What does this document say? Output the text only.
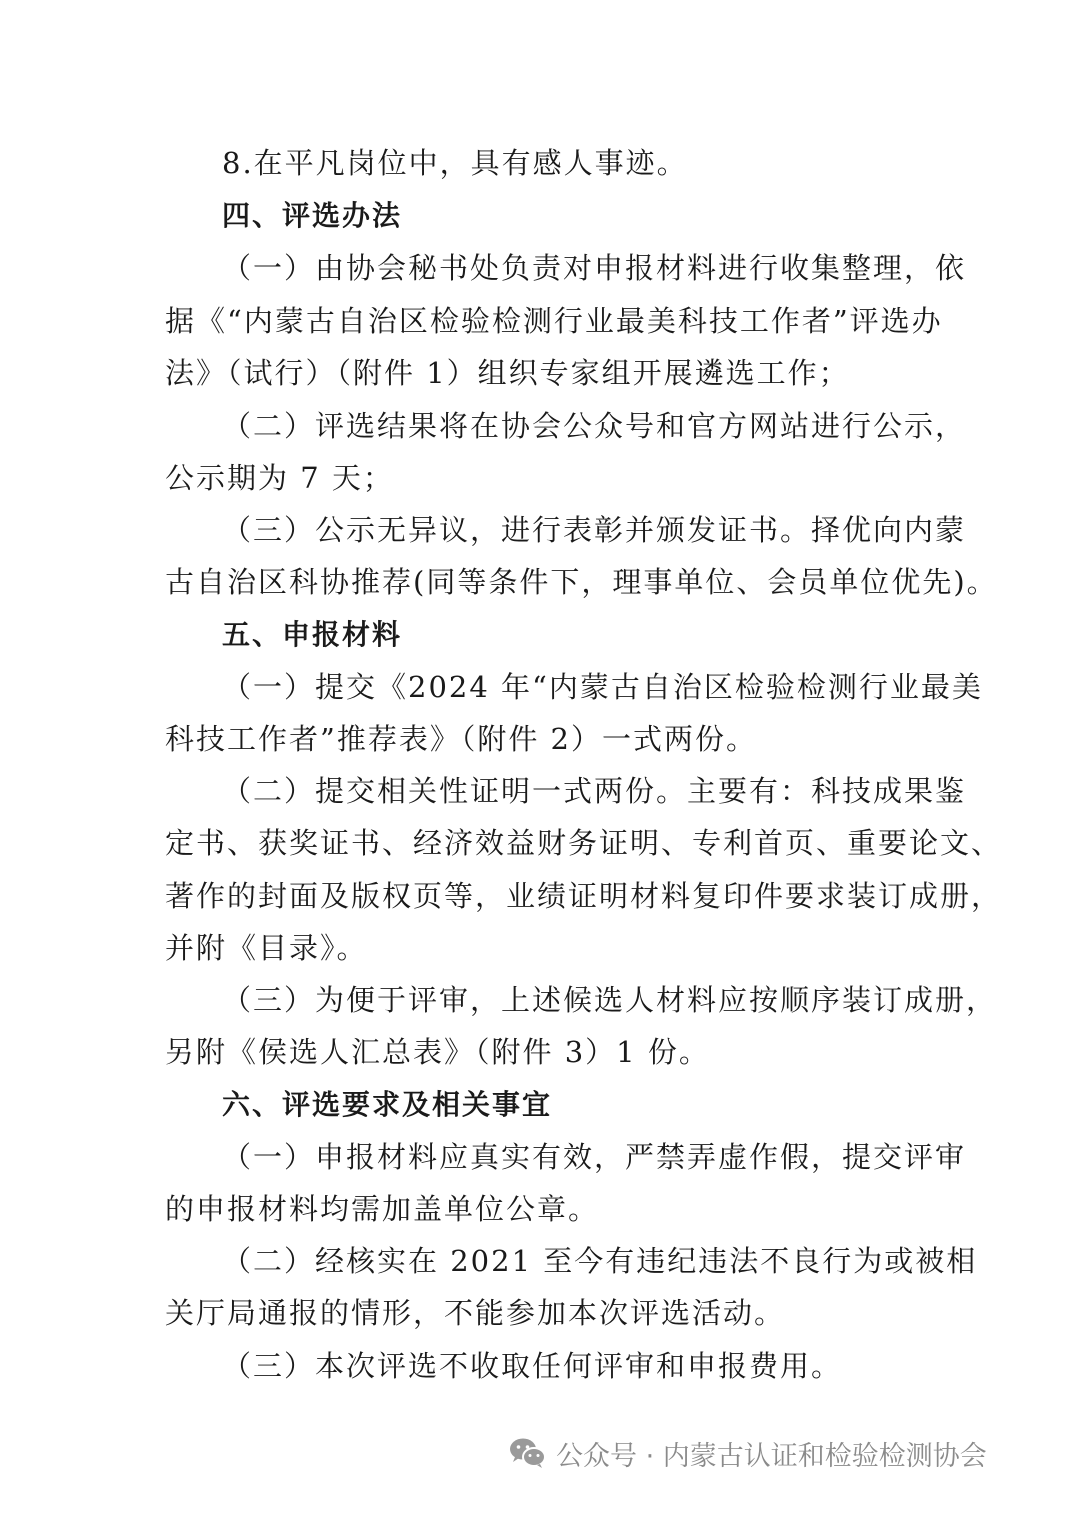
8.在平凡岗位中，具有感人事迹。
四、评选办法
（一）由协会秘书处负责对申报材料进行收集整理，依
据《“内蒙古自治区检验检测行业最美科技工作者”评选办
法》（试行）（附件 1）组织专家组开展遴选工作；
（二）评选结果将在协会公众号和官方网站进行公示，
公示期为 7 天；
（三）公示无异议，进行表彰并颁发证书。择优向内蒙
古自治区科协推荐(同等条件下，理事单位、会员单位优先)。
五、申报材料
（一）提交《2024 年“内蒙古自治区检验检测行业最美
科技工作者”推荐表》（附件 2）一式两份。
（二）提交相关性证明一式两份。主要有：科技成果鉴
定书、获奖证书、经济效益财务证明、专利首页、重要论文、
著作的封面及版权页等，业绩证明材料复印件要求装订成册，
并附《目录》。
（三）为便于评审，上述候选人材料应按顺序装订成册，
另附《侯选人汇总表》（附件 3）1 份。
六、评选要求及相关事宜
（一）申报材料应真实有效，严禁弄虚作假，提交评审
的申报材料均需加盖单位公章。
（二）经核实在 2021 至今有违纪违法不良行为或被相
关厅局通报的情形，不能参加本次评选活动。
（三）本次评选不收取任何评审和申报费用。
公众号 · 内蒙古认证和检验检测协会
